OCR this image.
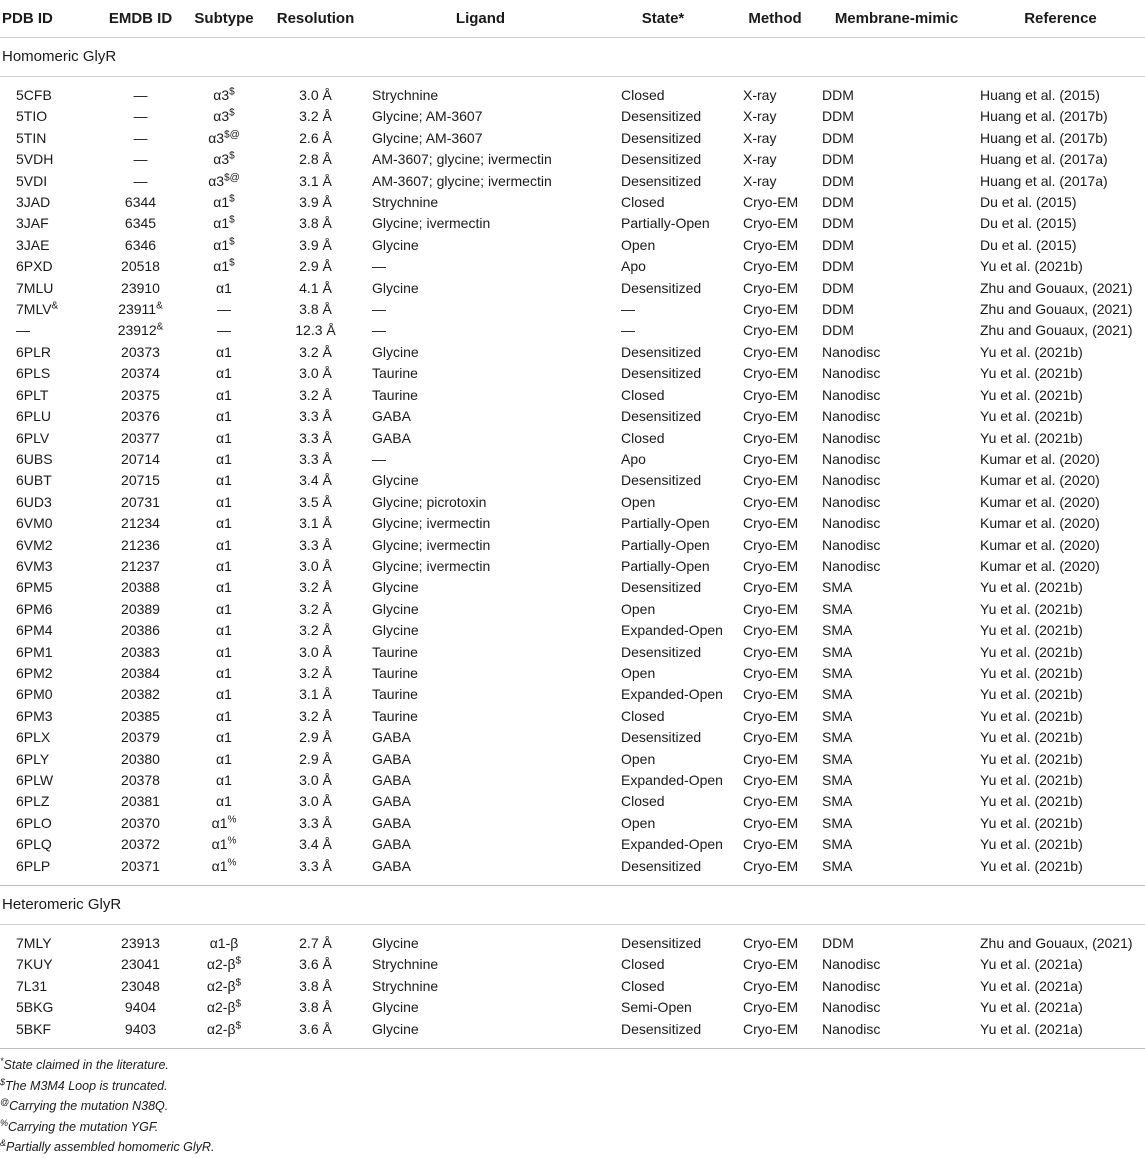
PDB ID	EMDB ID	Subtype	Resolution	Ligand	State*	Method	Membrane-mimic	Reference
Homomeric GlyR								

5CFB	—	α3$	3.0 Å	Strychnine	Closed	X-ray	DDM	Huang et al. (2015)
5TIO	—	α3$	3.2 Å	Glycine; AM-3607	Desensitized	X-ray	DDM	Huang et al. (2017b)
5TIN	—	α3$@	2.6 Å	Glycine; AM-3607	Desensitized	X-ray	DDM	Huang et al. (2017b)
5VDH	—	α3$	2.8 Å	AM-3607; glycine; ivermectin	Desensitized	X-ray	DDM	Huang et al. (2017a)
5VDI	—	α3$@	3.1 Å	AM-3607; glycine; ivermectin	Desensitized	X-ray	DDM	Huang et al. (2017a)
3JAD	6344	α1$	3.9 Å	Strychnine	Closed	Cryo-EM	DDM	Du et al. (2015)
3JAF	6345	α1$	3.8 Å	Glycine; ivermectin	Partially-Open	Cryo-EM	DDM	Du et al. (2015)
3JAE	6346	α1$	3.9 Å	Glycine	Open	Cryo-EM	DDM	Du et al. (2015)
6PXD	20518	α1$	2.9 Å	—	Apo	Cryo-EM	DDM	Yu et al. (2021b)
7MLU	23910	α1	4.1 Å	Glycine	Desensitized	Cryo-EM	DDM	Zhu and Gouaux, (2021)
7MLV&	23911&	—	3.8 Å	—	—	Cryo-EM	DDM	Zhu and Gouaux, (2021)
—	23912&	—	12.3 Å	—	—	Cryo-EM	DDM	Zhu and Gouaux, (2021)
6PLR	20373	α1	3.2 Å	Glycine	Desensitized	Cryo-EM	Nanodisc	Yu et al. (2021b)
6PLS	20374	α1	3.0 Å	Taurine	Desensitized	Cryo-EM	Nanodisc	Yu et al. (2021b)
6PLT	20375	α1	3.2 Å	Taurine	Closed	Cryo-EM	Nanodisc	Yu et al. (2021b)
6PLU	20376	α1	3.3 Å	GABA	Desensitized	Cryo-EM	Nanodisc	Yu et al. (2021b)
6PLV	20377	α1	3.3 Å	GABA	Closed	Cryo-EM	Nanodisc	Yu et al. (2021b)
6UBS	20714	α1	3.3 Å	—	Apo	Cryo-EM	Nanodisc	Kumar et al. (2020)
6UBT	20715	α1	3.4 Å	Glycine	Desensitized	Cryo-EM	Nanodisc	Kumar et al. (2020)
6UD3	20731	α1	3.5 Å	Glycine; picrotoxin	Open	Cryo-EM	Nanodisc	Kumar et al. (2020)
6VM0	21234	α1	3.1 Å	Glycine; ivermectin	Partially-Open	Cryo-EM	Nanodisc	Kumar et al. (2020)
6VM2	21236	α1	3.3 Å	Glycine; ivermectin	Partially-Open	Cryo-EM	Nanodisc	Kumar et al. (2020)
6VM3	21237	α1	3.0 Å	Glycine; ivermectin	Partially-Open	Cryo-EM	Nanodisc	Kumar et al. (2020)
6PM5	20388	α1	3.2 Å	Glycine	Desensitized	Cryo-EM	SMA	Yu et al. (2021b)
6PM6	20389	α1	3.2 Å	Glycine	Open	Cryo-EM	SMA	Yu et al. (2021b)
6PM4	20386	α1	3.2 Å	Glycine	Expanded-Open	Cryo-EM	SMA	Yu et al. (2021b)
6PM1	20383	α1	3.0 Å	Taurine	Desensitized	Cryo-EM	SMA	Yu et al. (2021b)
6PM2	20384	α1	3.2 Å	Taurine	Open	Cryo-EM	SMA	Yu et al. (2021b)
6PM0	20382	α1	3.1 Å	Taurine	Expanded-Open	Cryo-EM	SMA	Yu et al. (2021b)
6PM3	20385	α1	3.2 Å	Taurine	Closed	Cryo-EM	SMA	Yu et al. (2021b)
6PLX	20379	α1	2.9 Å	GABA	Desensitized	Cryo-EM	SMA	Yu et al. (2021b)
6PLY	20380	α1	2.9 Å	GABA	Open	Cryo-EM	SMA	Yu et al. (2021b)
6PLW	20378	α1	3.0 Å	GABA	Expanded-Open	Cryo-EM	SMA	Yu et al. (2021b)
6PLZ	20381	α1	3.0 Å	GABA	Closed	Cryo-EM	SMA	Yu et al. (2021b)
6PLO	20370	α1%	3.3 Å	GABA	Open	Cryo-EM	SMA	Yu et al. (2021b)
6PLQ	20372	α1%	3.4 Å	GABA	Expanded-Open	Cryo-EM	SMA	Yu et al. (2021b)
6PLP	20371	α1%	3.3 Å	GABA	Desensitized	Cryo-EM	SMA	Yu et al. (2021b)

Heteromeric GlyR								

7MLY	23913	α1-β	2.7 Å	Glycine	Desensitized	Cryo-EM	DDM	Zhu and Gouaux, (2021)
7KUY	23041	α2-β$	3.6 Å	Strychnine	Closed	Cryo-EM	Nanodisc	Yu et al. (2021a)
7L31	23048	α2-β$	3.8 Å	Strychnine	Closed	Cryo-EM	Nanodisc	Yu et al. (2021a)
5BKG	9404	α2-β$	3.8 Å	Glycine	Semi-Open	Cryo-EM	Nanodisc	Yu et al. (2021a)
5BKF	9403	α2-β$	3.6 Å	Glycine	Desensitized	Cryo-EM	Nanodisc	Yu et al. (2021a)

*State claimed in the literature.
$The M3M4 Loop is truncated.
@Carrying the mutation N38Q.
%Carrying the mutation YGF.
&Partially assembled homomeric GlyR.
